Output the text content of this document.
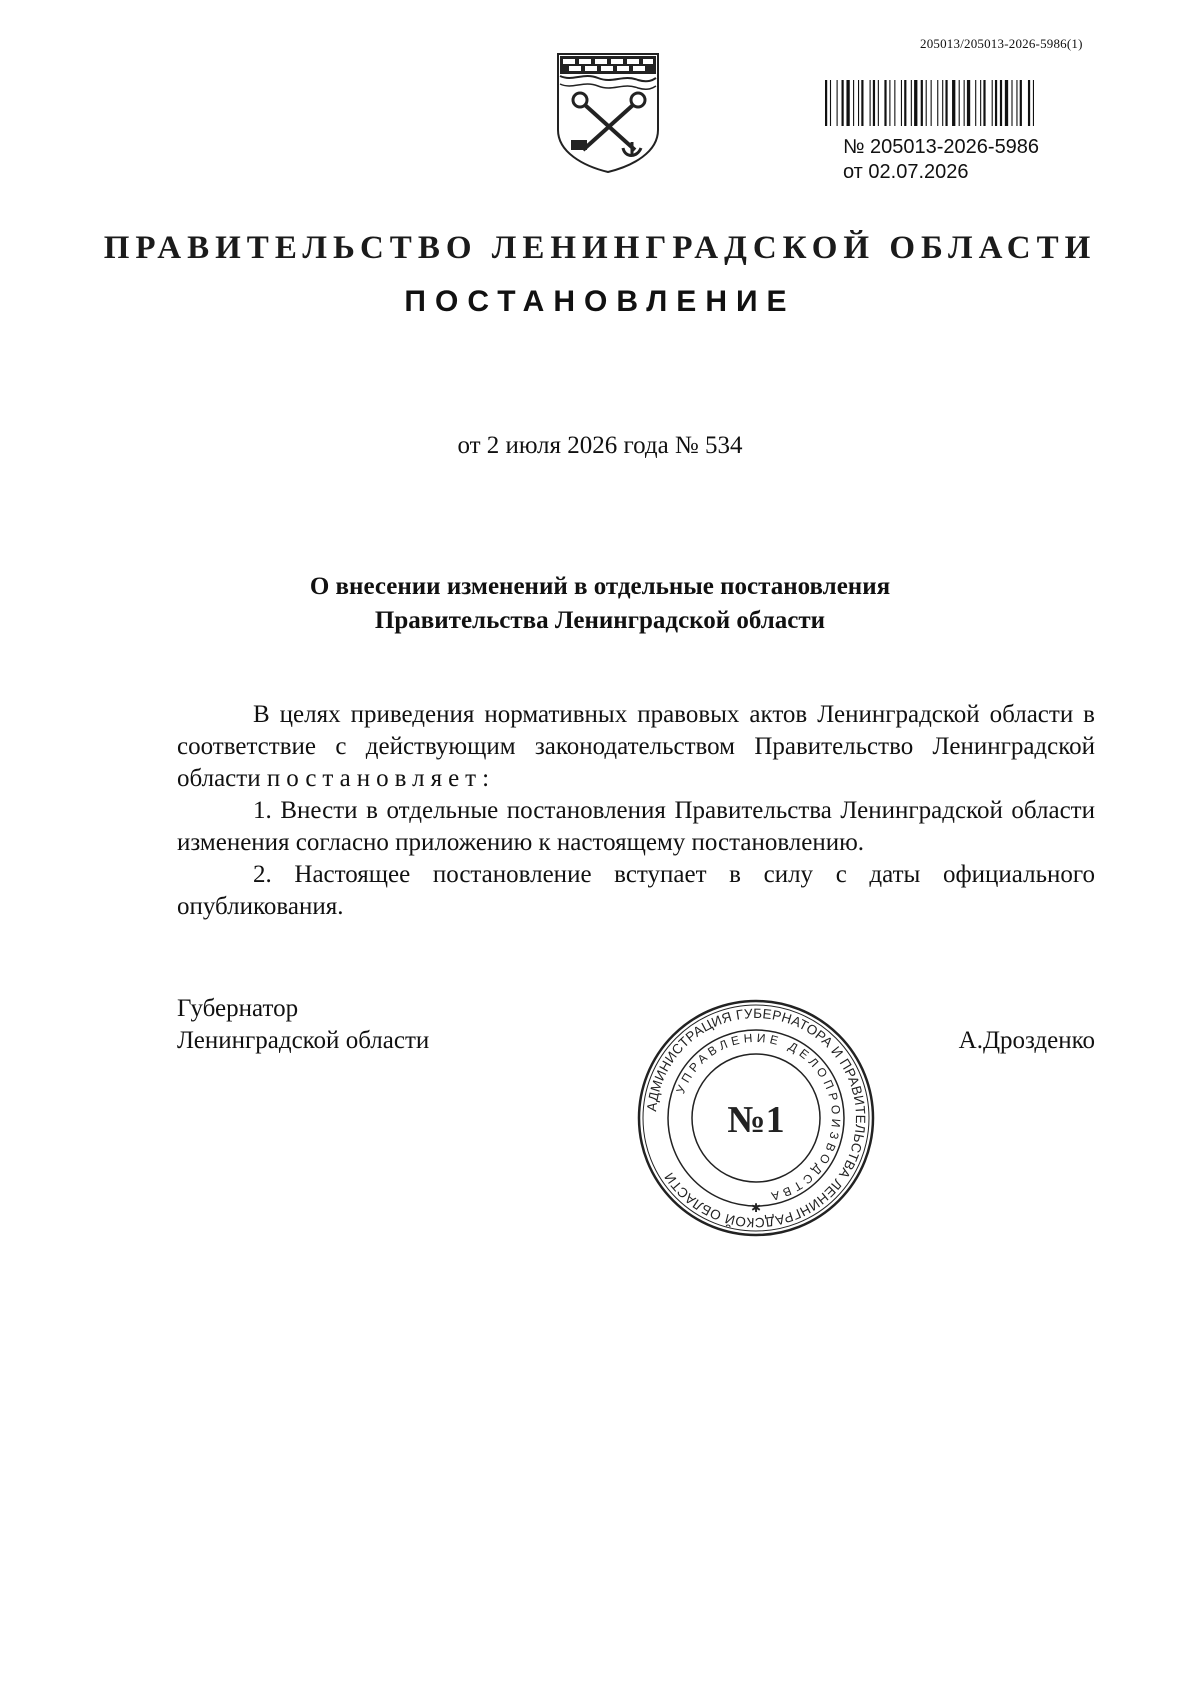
205013/205013-2026-5986(1)
№ 205013-2026-5986
от 02.07.2026
ПРАВИТЕЛЬСТВО ЛЕНИНГРАДСКОЙ ОБЛАСТИ
ПОСТАНОВЛЕНИЕ
от 2 июля 2026 года № 534
О внесении изменений в отдельные постановления
Правительства Ленинградской области

В целях приведения нормативных правовых актов Ленинградской области в соответствие с действующим законодательством Правительство Ленинградской области постановляет:

1. Внести в отдельные постановления Правительства Ленинградской области изменения согласно приложению к настоящему постановлению.

2. Настоящее постановление вступает в силу с даты официального опубликования.

Губернатор
Ленинградской области	А.Дрозденко
АДМИНИСТРАЦИЯ ГУБЕРНАТОРА И ПРАВИТЕЛЬСТВА ЛЕНИНГРАДСКОЙ ОБЛАСТИ
УПРАВЛЕНИЕ ДЕЛОПРОИЗВОДСТВА
№1
✱
